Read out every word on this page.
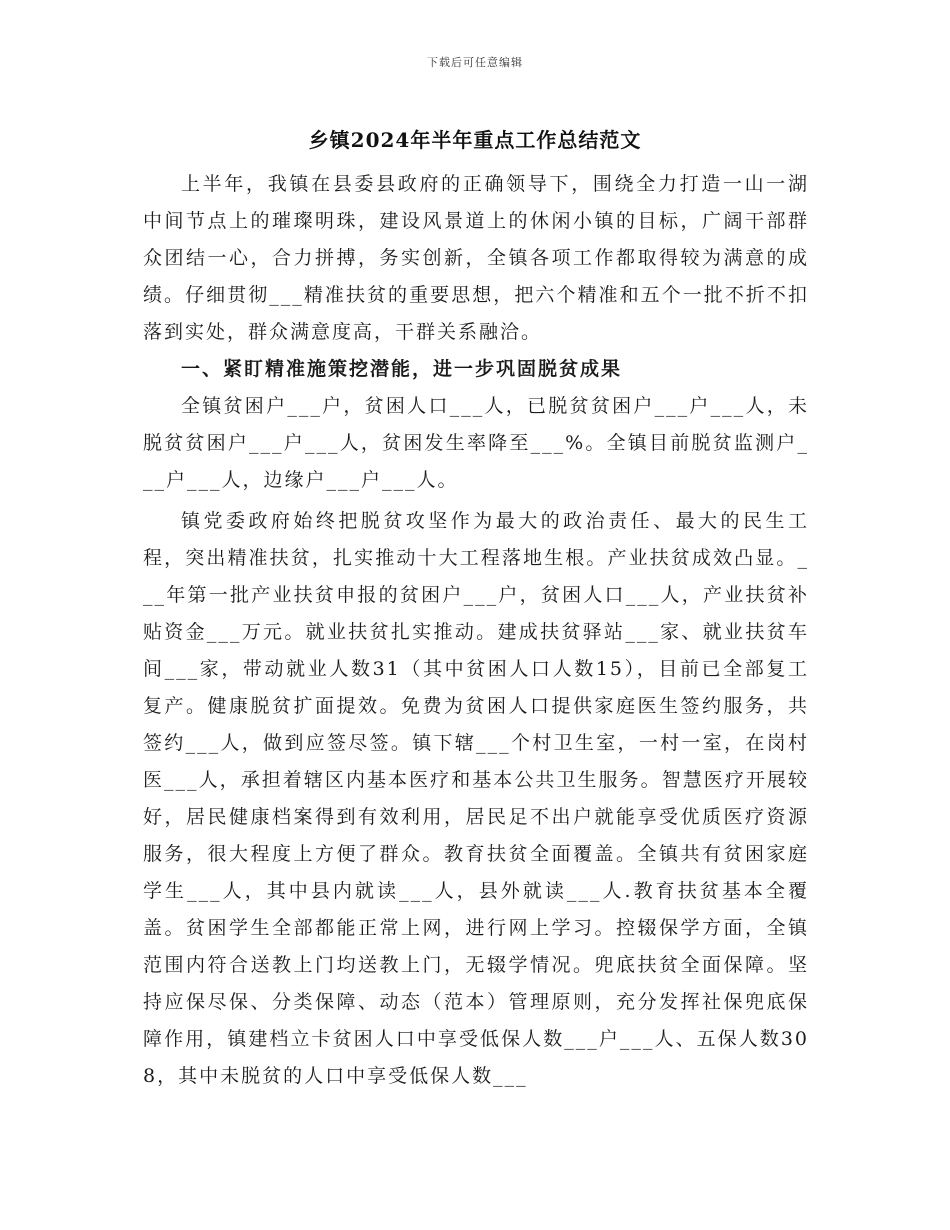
下载后可任意编辑
乡镇2024年半年重点工作总结范文

上半年，我镇在县委县政府的正确领导下，围绕全力打造一山一湖中间节点上的璀璨明珠，建设风景道上的休闲小镇的目标，广阔干部群众团结一心，合力拼搏，务实创新，全镇各项工作都取得较为满意的成绩。仔细贯彻___精准扶贫的重要思想，把六个精准和五个一批不折不扣落到实处，群众满意度高，干群关系融洽。

一、紧盯精准施策挖潜能，进一步巩固脱贫成果

全镇贫困户___户，贫困人口___人，已脱贫贫困户___户___人，未脱贫贫困户___户___人，贫困发生率降至___%。全镇目前脱贫监测户___户___人，边缘户___户___人。

镇党委政府始终把脱贫攻坚作为最大的政治责任、最大的民生工程，突出精准扶贫，扎实推动十大工程落地生根。产业扶贫成效凸显。___年第一批产业扶贫申报的贫困户___户，贫困人口___人，产业扶贫补贴资金___万元。就业扶贫扎实推动。建成扶贫驿站___家、就业扶贫车间___家，带动就业人数31（其中贫困人口人数15），目前已全部复工复产。健康脱贫扩面提效。免费为贫困人口提供家庭医生签约服务，共签约___人，做到应签尽签。镇下辖___个村卫生室，一村一室，在岗村医___人，承担着辖区内基本医疗和基本公共卫生服务。智慧医疗开展较好，居民健康档案得到有效利用，居民足不出户就能享受优质医疗资源服务，很大程度上方便了群众。教育扶贫全面覆盖。全镇共有贫困家庭学生___人，其中县内就读___人，县外就读___人.教育扶贫基本全覆盖。贫困学生全部都能正常上网，进行网上学习。控辍保学方面，全镇范围内符合送教上门均送教上门，无辍学情况。兜底扶贫全面保障。坚持应保尽保、分类保障、动态（范本）管理原则，充分发挥社保兜底保障作用，镇建档立卡贫困人口中享受低保人数___户___人、五保人数308，其中未脱贫的人口中享受低保人数___
